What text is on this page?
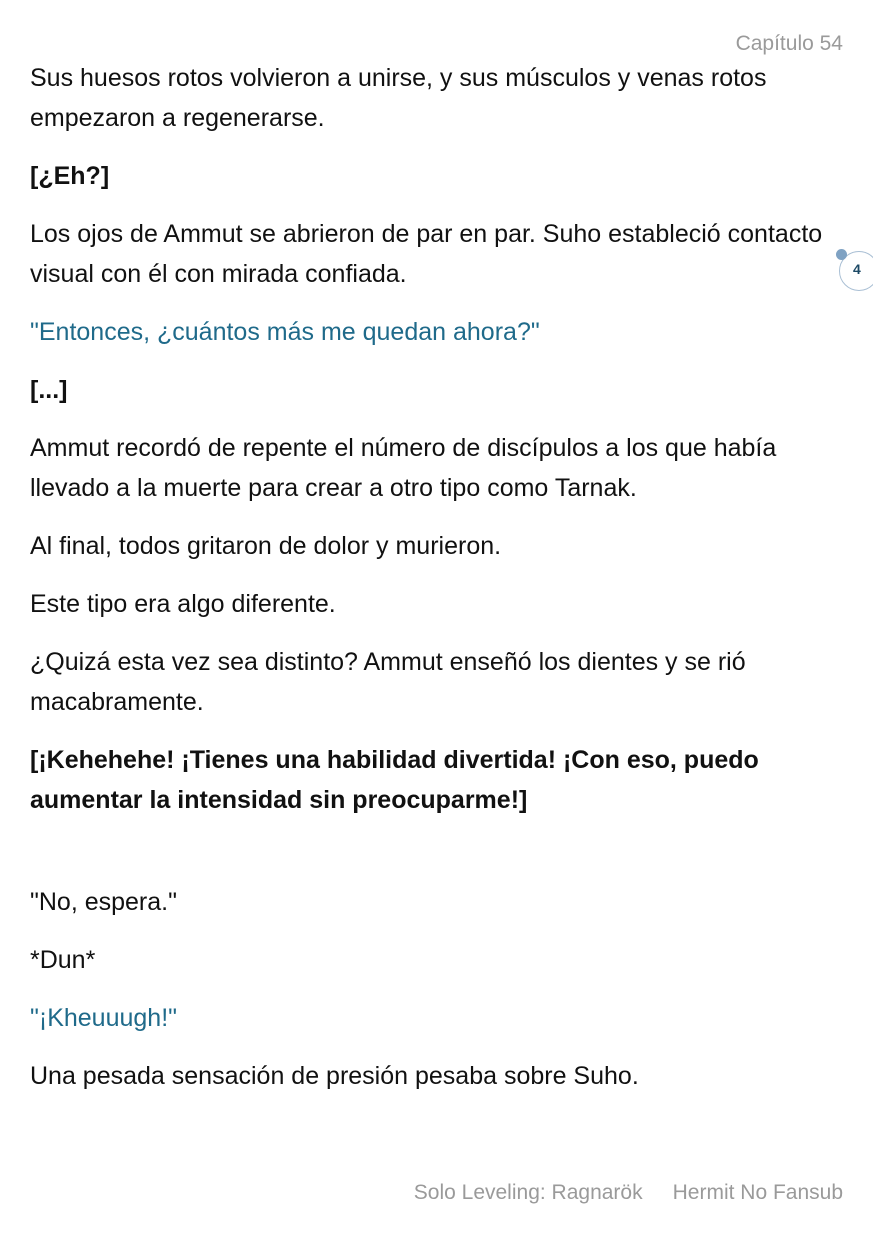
Capítulo 54

Sus huesos rotos volvieron a unirse, y sus músculos y venas rotos empezaron a regenerarse.

[¿Eh?]

Los ojos de Ammut se abrieron de par en par. Suho estableció contacto visual con él con mirada confiada.

"Entonces, ¿cuántos más me quedan ahora?"

[...]

Ammut recordó de repente el número de discípulos a los que había llevado a la muerte para crear a otro tipo como Tarnak.

Al final, todos gritaron de dolor y murieron.

Este tipo era algo diferente.

¿Quizá esta vez sea distinto? Ammut enseñó los dientes y se rió macabramente.

[¡Kehehehe! ¡Tienes una habilidad divertida! ¡Con eso, puedo aumentar la intensidad sin preocuparme!]

"No, espera."

*Dun*

"¡Kheuuugh!"

Una pesada sensación de presión pesaba sobre Suho.

4
Solo Leveling: Ragnarök Hermit No Fansub
